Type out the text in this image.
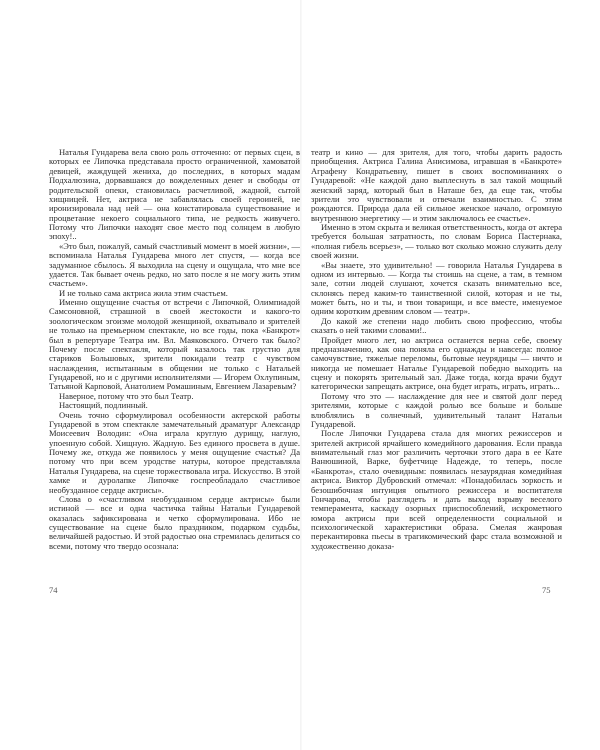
Наталья Гундарева вела свою роль отточенно: от первых сцен, в которых ее Липочка представала просто ограниченной, хамоватой девицей, жаждущей жениха, до последних, в которых мадам Подхалюзина, дорвавшаяся до вожделенных денег и свободы от родительской опеки, становилась расчетливой, жадной, сытой хищницей. Нет, актриса не забавлялась своей героиней, не иронизировала над ней — она констатировала существование и процветание некоего социального типа, не редкость живучего. Потому что Липочки находят свое место под солнцем в любую эпоху!..

«Это был, пожалуй, самый счастливый момент в моей жизни», — вспоминала Наталья Гундарева много лет спустя, — когда все задуманное сбылось. Я выходила на сцену и ощущала, что мне все удается. Так бывает очень редко, но зато после я не могу жить этим счастьем».

И не только сама актриса жила этим счастьем.

Именно ощущение счастья от встречи с Липочкой, Олимпиадой Самсоновной, страшной в своей жестокости и какого-то зоологическом эгоизме молодой женщиной, охватывало и зрителей не только на премьерном спектакле, но все годы, пока «Банкрот» был в репертуаре Театра им. Вл. Маяковского. Отчего так было? Почему после спектакля, который казалось так грустно для стариков Большовых, зрители покидали театр с чувством наслаждения, испытанным в общении не только с Натальей Гундаревой, но и с другими исполнителями — Игорем Охлупиным, Татьяной Карповой, Анатолием Ромашиным, Евгением Лазаревым?

Наверное, потому что это был Театр.

Настоящий, подлинный.

Очень точно сформулировал особенности актерской работы Гундаревой в этом спектакле замечательный драматург Александр Моисеевич Володин: «Она играла круглую дурищу, наглую, упоенную собой. Хищную. Жадную. Без единого просвета в душе. Почему же, откуда же появилось у меня ощущение счастья? Да потому что при всем уродстве натуры, которое представляла Наталья Гундарева, на сцене торжествовала игра. Искусство. В этой хамке и дуролапке Липочке госпреобладало счастливое необузданное сердце актрисы».

Слова о «счастливом необузданном сердце актрисы» были истиной — все и одна частичка тайны Натальи Гундаревой оказалась зафиксирована и четко сформулирована. Ибо не существование на сцене было праздником, подарком судьбы, величайшей радостью. И этой радостью она стремилась делиться со всеми, потому что твердо осознала:

театр и кино — для зрителя, для того, чтобы дарить радость приобщения. Актриса Галина Анисимова, игравшая в «Банкроте» Аграфену Кондратьевну, пишет в своих воспоминаниях о Гундаревой: «Не каждой дано выплеснуть в зал такой мощный женский заряд, который был в Наташе без, да еще так, чтобы зрители это чувствовали и отвечали взаимностью. С этим рождаются. Природа дала ей сильное женское начало, огромную внутреннюю энергетику — и этим заключалось ее счастье».

Именно в этом скрыта и великая ответственность, когда от актера требуется большая затратность, по словам Бориса Пастернака, «полная гибель всерьез», — только вот сколько можно служить делу своей жизни.

«Вы знаете, это удивительно! — говорила Наталья Гундарева в одном из интервью. — Когда ты стоишь на сцене, а там, в темном зале, сотни людей слушают, хочется сказать внимательно все, склонясь перед каким-то таинственной силой, которая и не ты, может быть, но и ты, и твои товарищи, и все вместе, именуемое одним коротким древним словом — театр».

До какой же степени надо любить свою профессию, чтобы сказать о ней такими словами!..

Пройдет много лет, но актриса останется верна себе, своему предназначению, как она поняла его однажды и навсегда: полное самочувствие, тяжелые переломы, бытовые неурядицы — ничто и никогда не помешает Наталье Гундаревой победно выходить на сцену и покорять зрительный зал. Даже тогда, когда врачи будут категорически запрещать актрисе, она будет играть, играть, играть...

Потому что это — наслаждение для нее и святой долг перед зрителями, которые с каждой ролью все больше и больше влюблялись в солнечный, удивительный талант Натальи Гундаревой.

После Липочки Гундарева стала для многих режиссеров и зрителей актрисой ярчайшего комедийного дарования. Если правда внимательный глаз мог различить черточки этого дара в ее Кате Ванюшиной, Варке, буфетчице Надежде, то теперь, после «Банкрота», стало очевидным: появилась незаурядная комедийная актриса. Виктор Дубровский отмечал: «Понадобилась зоркость и безошибочная интуиция опытного режиссера и воспитателя Гончарова, чтобы разглядеть и дать выход взрыву веселого темперамента, каскаду озорных приспособлений, искрометного юмора актрисы при всей определенности социальной и психологической характеристики образа. Смелая жанровая перекантировка пьесы в трагикомический фарс стала возможной и художественно доказа-

74	75
